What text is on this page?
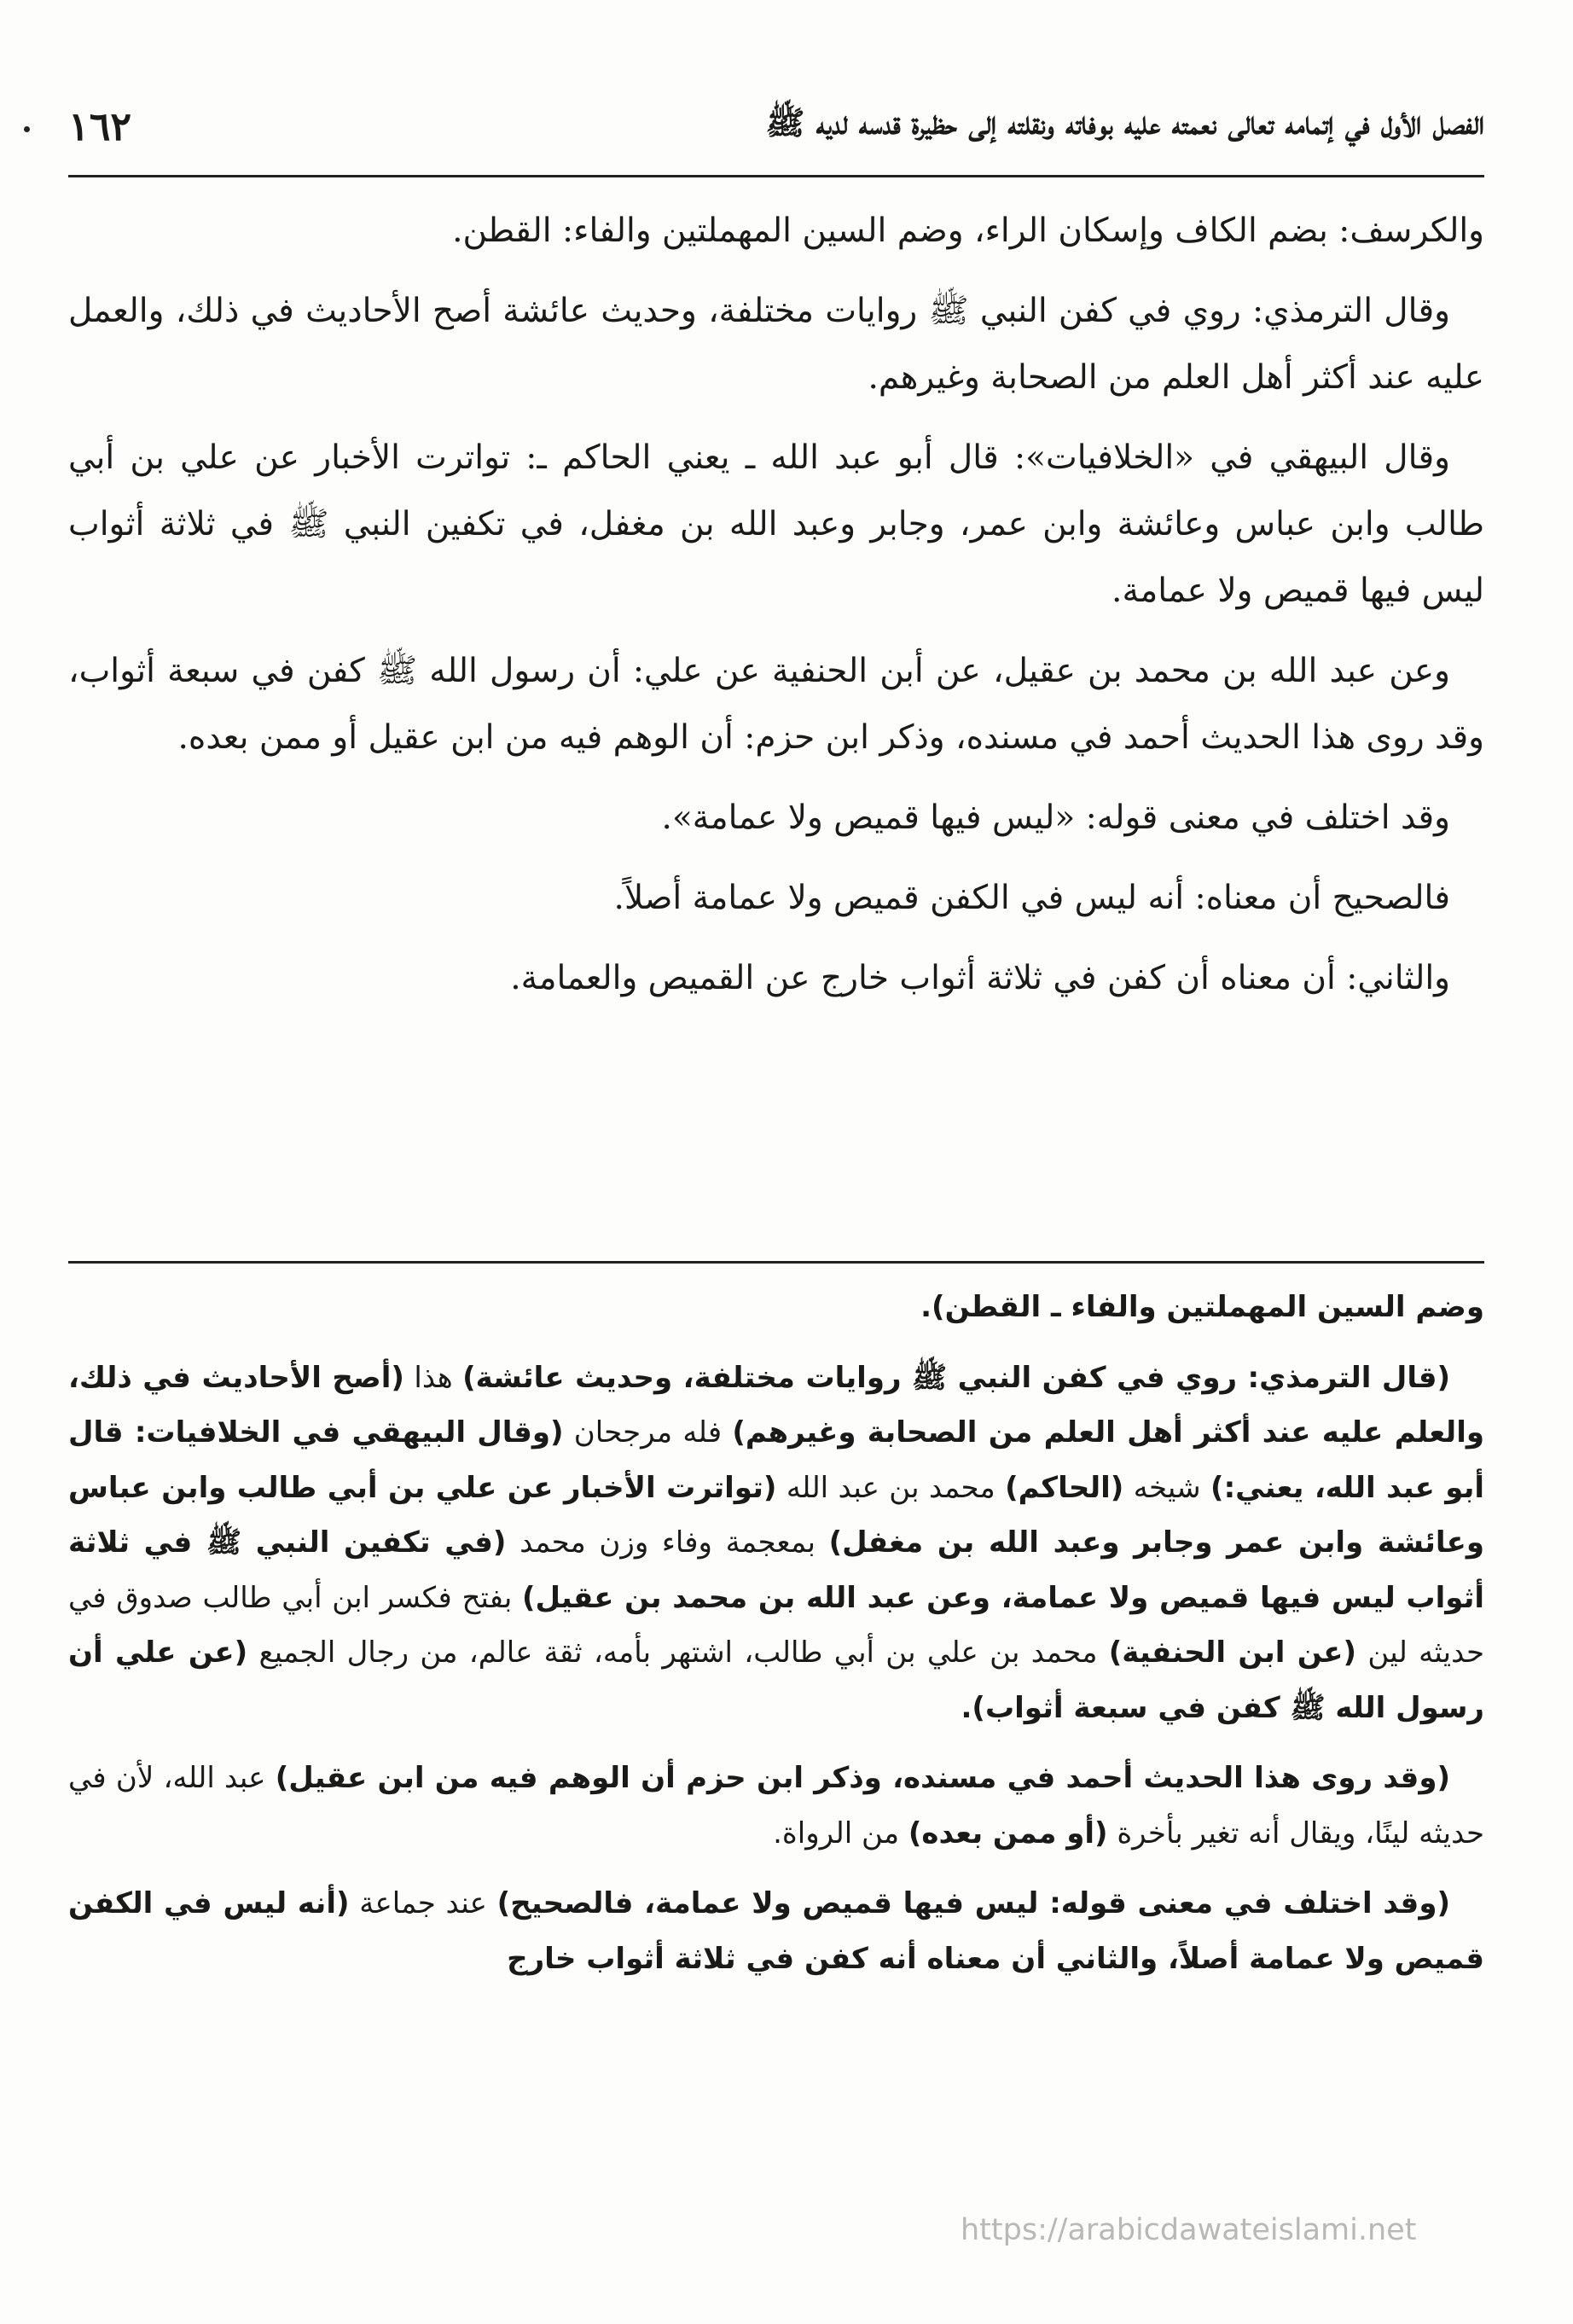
١٦٢	الفصل الأول في إتمامه تعالى نعمته عليه بوفاته ونقلته إلى حظيرة قدسه لديه ﷺ

والكرسف: بضم الكاف وإسكان الراء، وضم السين المهملتين والفاء: القطن.

وقال الترمذي: روي في كفن النبي ﷺ روايات مختلفة، وحديث عائشة أصح الأحاديث في ذلك، والعمل عليه عند أكثر أهل العلم من الصحابة وغيرهم.

وقال البيهقي في «الخلافيات»: قال أبو عبد الله ـ يعني الحاكم ـ: تواترت الأخبار عن علي بن أبي طالب وابن عباس وعائشة وابن عمر، وجابر وعبد الله بن مغفل، في تكفين النبي ﷺ في ثلاثة أثواب ليس فيها قميص ولا عمامة.

وعن عبد الله بن محمد بن عقيل، عن أبن الحنفية عن علي: أن رسول الله ﷺ كفن في سبعة أثواب، وقد روى هذا الحديث أحمد في مسنده، وذكر ابن حزم: أن الوهم فيه من ابن عقيل أو ممن بعده.

وقد اختلف في معنى قوله: «ليس فيها قميص ولا عمامة».

فالصحيح أن معناه: أنه ليس في الكفن قميص ولا عمامة أصلاً.

والثاني: أن معناه أن كفن في ثلاثة أثواب خارج عن القميص والعمامة.

وضم السين المهملتين والفاء ـ القطن).

(قال الترمذي: روي في كفن النبي ﷺ روايات مختلفة، وحديث عائشة) هذا (أصح الأحاديث في ذلك، والعلم عليه عند أكثر أهل العلم من الصحابة وغيرهم) فله مرجحان (وقال البيهقي في الخلافيات: قال أبو عبد الله، يعني:) شيخه (الحاكم) محمد بن عبد الله (تواترت الأخبار عن علي بن أبي طالب وابن عباس وعائشة وابن عمر وجابر وعبد الله بن مغفل) بمعجمة وفاء وزن محمد (في تكفين النبي ﷺ في ثلاثة أثواب ليس فيها قميص ولا عمامة، وعن عبد الله بن محمد بن عقيل) بفتح فكسر ابن أبي طالب صدوق في حديثه لين (عن ابن الحنفية) محمد بن علي بن أبي طالب، اشتهر بأمه، ثقة عالم، من رجال الجميع (عن علي أن رسول الله ﷺ كفن في سبعة أثواب).

(وقد روى هذا الحديث أحمد في مسنده، وذكر ابن حزم أن الوهم فيه من ابن عقيل) عبد الله، لأن في حديثه لينًا، ويقال أنه تغير بأخرة (أو ممن بعده) من الرواة.

(وقد اختلف في معنى قوله: ليس فيها قميص ولا عمامة، فالصحيح) عند جماعة (أنه ليس في الكفن قميص ولا عمامة أصلاً، والثاني أن معناه أنه كفن في ثلاثة أثواب خارج

https://arabicdawateislami.net
